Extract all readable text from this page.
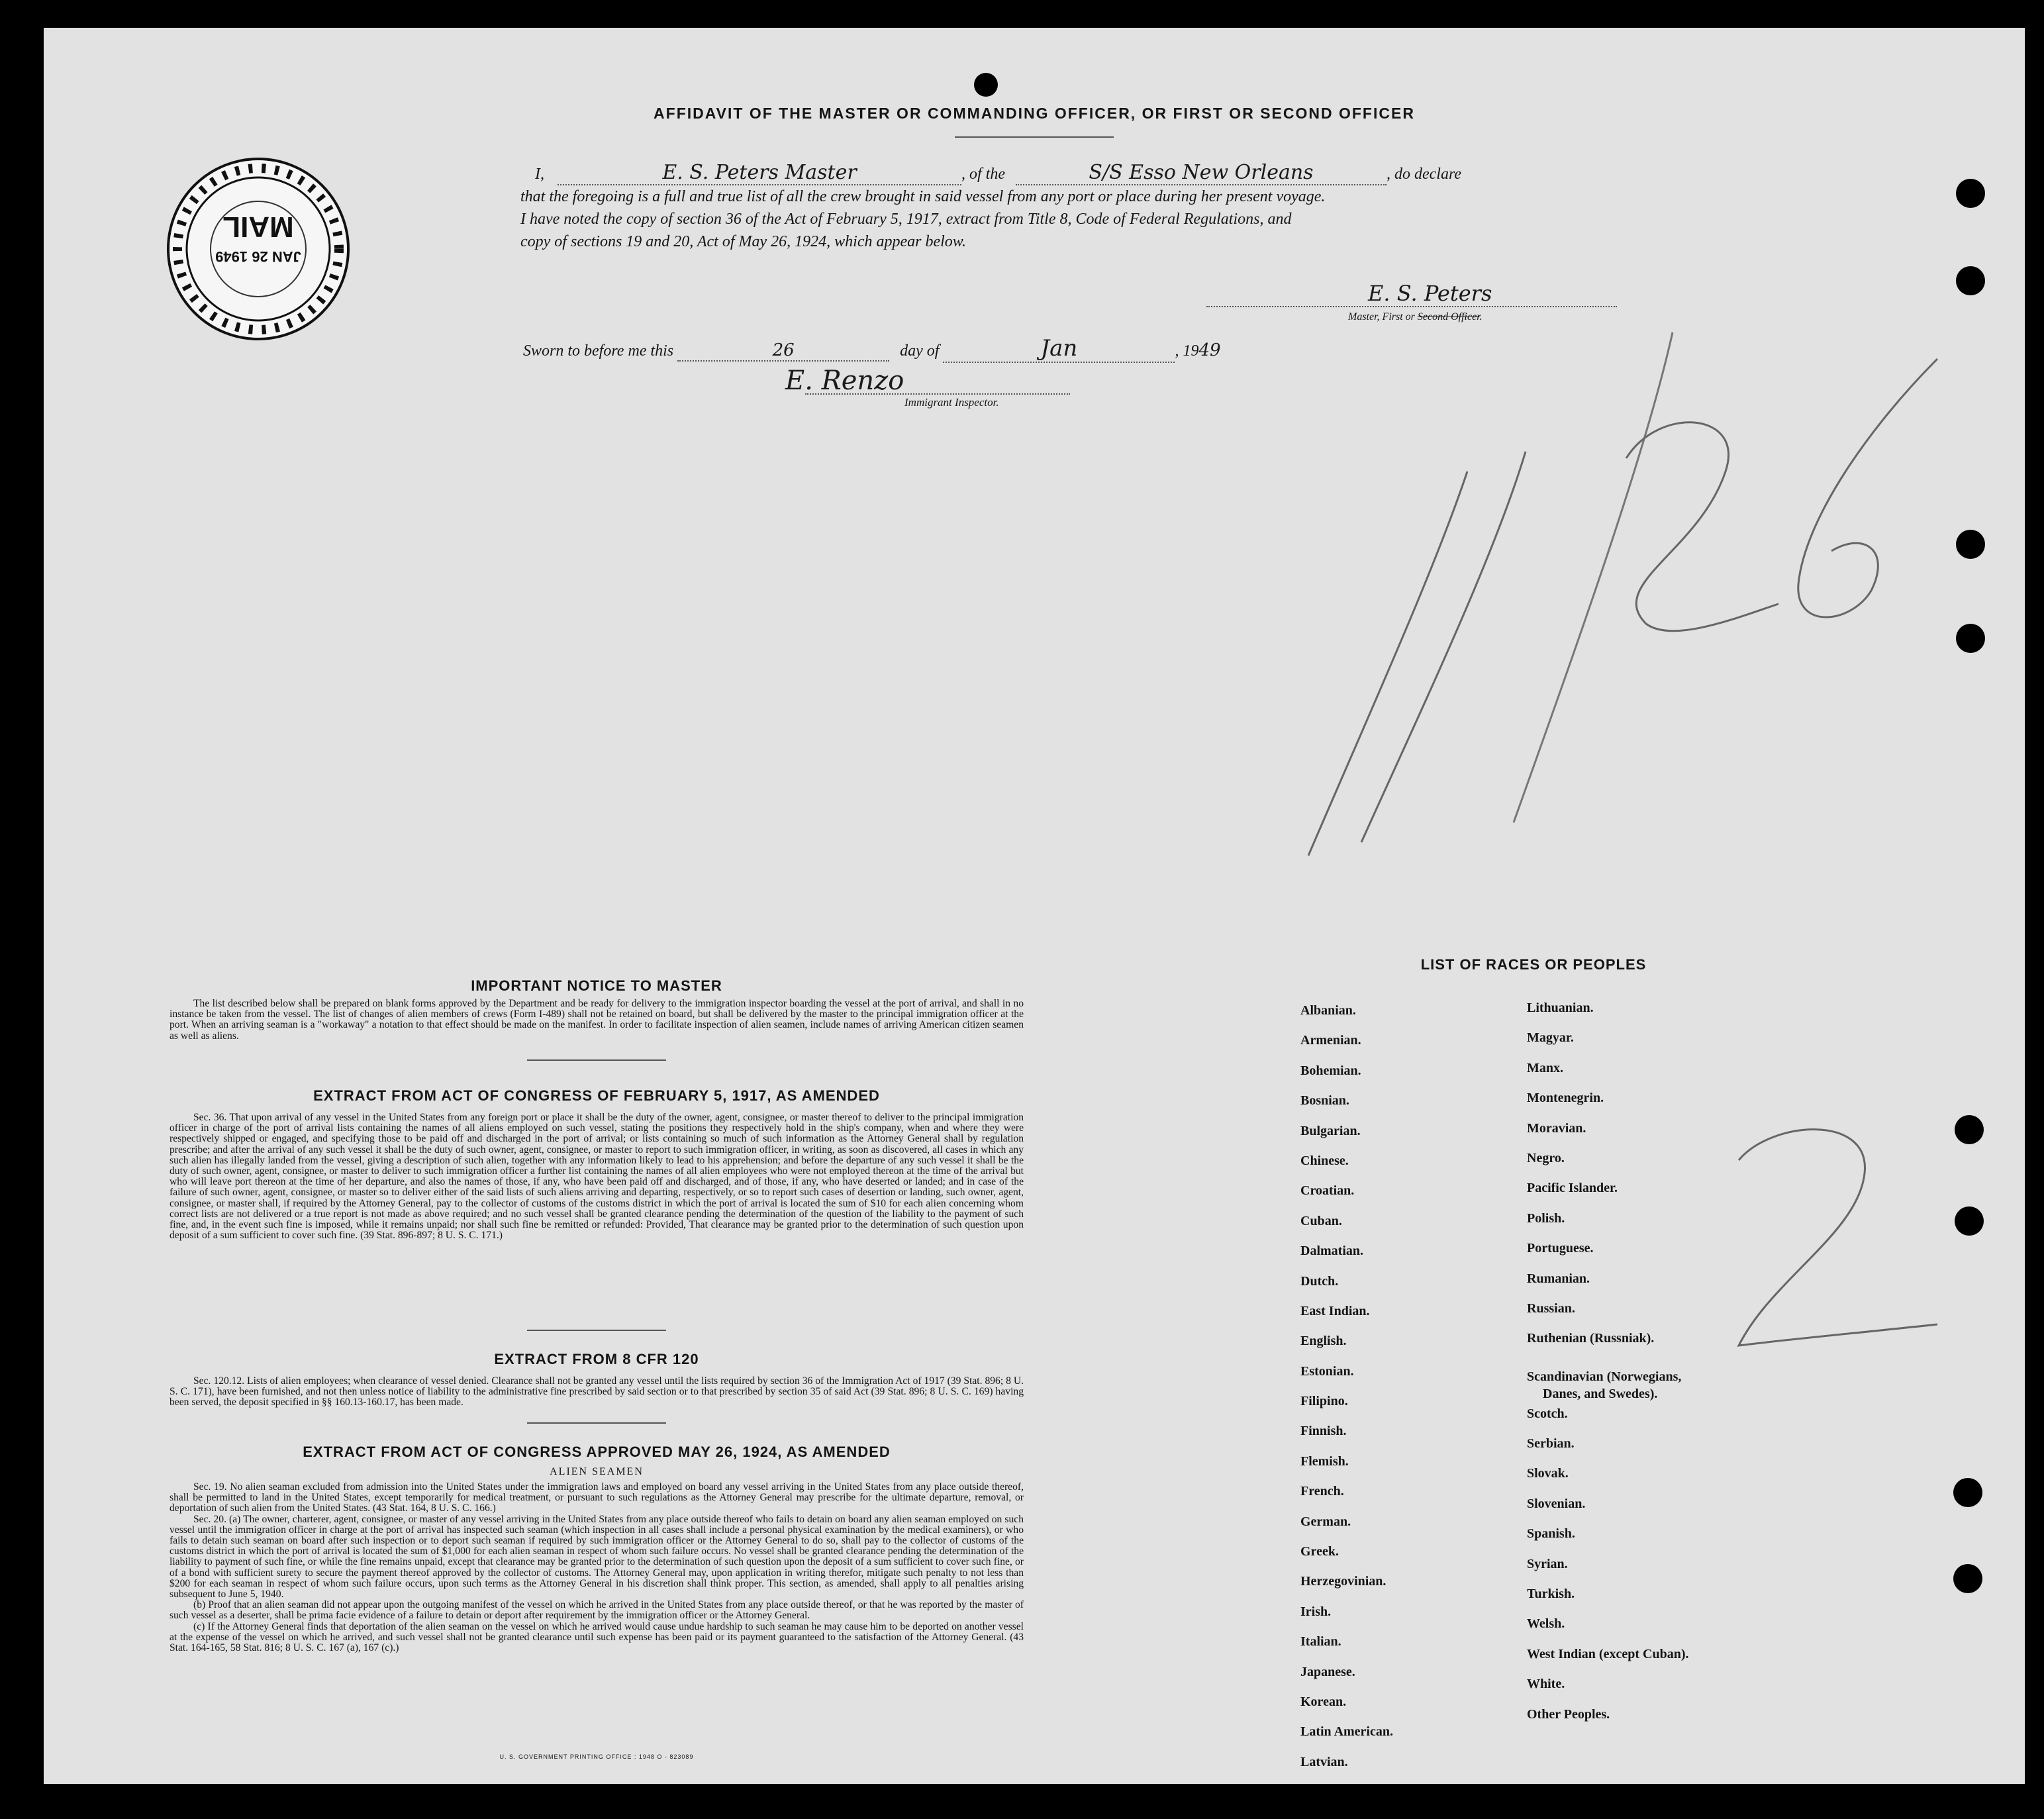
AFFIDAVIT OF THE MASTER OR COMMANDING OFFICER, OR FIRST OR SECOND OFFICER
MAIL
JAN 26 1949
I,	E. S. Peters Master	, of the	S/S Esso New Orleans	, do declare
that the foregoing is a full and true list of all the crew brought in said vessel from any port or place during her present voyage.
I have noted the copy of section 36 of the Act of February 5, 1917, extract from Title 8, Code of Federal Regulations, and
copy of sections 19 and 20, Act of May 26, 1924, which appear below.
E. S. Peters
Master, First or Second Officer.
Sworn to before me this	26	day of	Jan	, 1949
E. Renzo
Immigrant Inspector.
IMPORTANT NOTICE TO MASTER

The list described below shall be prepared on blank forms approved by the Department and be ready for delivery to the immigration inspector boarding the vessel at the port of arrival, and shall in no instance be taken from the vessel. The list of changes of alien members of crews (Form I-489) shall not be retained on board, but shall be delivered by the master to the principal immigration officer at the port. When an arriving seaman is a "workaway" a notation to that effect should be made on the manifest. In order to facilitate inspection of alien seamen, include names of arriving American citizen seamen as well as aliens.

EXTRACT FROM ACT OF CONGRESS OF FEBRUARY 5, 1917, AS AMENDED

Sec. 36. That upon arrival of any vessel in the United States from any foreign port or place it shall be the duty of the owner, agent, consignee, or master thereof to deliver to the principal immigration officer in charge of the port of arrival lists containing the names of all aliens employed on such vessel, stating the positions they respectively hold in the ship's company, when and where they were respectively shipped or engaged, and specifying those to be paid off and discharged in the port of arrival; or lists containing so much of such information as the Attorney General shall by regulation prescribe; and after the arrival of any such vessel it shall be the duty of such owner, agent, consignee, or master to report to such immigration officer, in writing, as soon as discovered, all cases in which any such alien has illegally landed from the vessel, giving a description of such alien, together with any information likely to lead to his apprehension; and before the departure of any such vessel it shall be the duty of such owner, agent, consignee, or master to deliver to such immigration officer a further list containing the names of all alien employees who were not employed thereon at the time of the arrival but who will leave port thereon at the time of her departure, and also the names of those, if any, who have been paid off and discharged, and of those, if any, who have deserted or landed; and in case of the failure of such owner, agent, consignee, or master so to deliver either of the said lists of such aliens arriving and departing, respectively, or so to report such cases of desertion or landing, such owner, agent, consignee, or master shall, if required by the Attorney General, pay to the collector of customs of the customs district in which the port of arrival is located the sum of $10 for each alien concerning whom correct lists are not delivered or a true report is not made as above required; and no such vessel shall be granted clearance pending the determination of the question of the liability to the payment of such fine, and, in the event such fine is imposed, while it remains unpaid; nor shall such fine be remitted or refunded: Provided, That clearance may be granted prior to the determination of such question upon deposit of a sum sufficient to cover such fine. (39 Stat. 896-897; 8 U. S. C. 171.)

EXTRACT FROM 8 CFR 120

Sec. 120.12. Lists of alien employees; when clearance of vessel denied. Clearance shall not be granted any vessel until the lists required by section 36 of the Immigration Act of 1917 (39 Stat. 896; 8 U. S. C. 171), have been furnished, and not then unless notice of liability to the administrative fine prescribed by said section or to that prescribed by section 35 of said Act (39 Stat. 896; 8 U. S. C. 169) having been served, the deposit specified in §§ 160.13-160.17, has been made.

EXTRACT FROM ACT OF CONGRESS APPROVED MAY 26, 1924, AS AMENDED
ALIEN SEAMEN

Sec. 19. No alien seaman excluded from admission into the United States under the immigration laws and employed on board any vessel arriving in the United States from any place outside thereof, shall be permitted to land in the United States, except temporarily for medical treatment, or pursuant to such regulations as the Attorney General may prescribe for the ultimate departure, removal, or deportation of such alien from the United States. (43 Stat. 164, 8 U. S. C. 166.)

Sec. 20. (a) The owner, charterer, agent, consignee, or master of any vessel arriving in the United States from any place outside thereof who fails to detain on board any alien seaman employed on such vessel until the immigration officer in charge at the port of arrival has inspected such seaman (which inspection in all cases shall include a personal physical examination by the medical examiners), or who fails to detain such seaman on board after such inspection or to deport such seaman if required by such immigration officer or the Attorney General to do so, shall pay to the collector of customs of the customs district in which the port of arrival is located the sum of $1,000 for each alien seaman in respect of whom such failure occurs. No vessel shall be granted clearance pending the determination of the liability to payment of such fine, or while the fine remains unpaid, except that clearance may be granted prior to the determination of such question upon the deposit of a sum sufficient to cover such fine, or of a bond with sufficient surety to secure the payment thereof approved by the collector of customs. The Attorney General may, upon application in writing therefor, mitigate such penalty to not less than $200 for each seaman in respect of whom such failure occurs, upon such terms as the Attorney General in his discretion shall think proper. This section, as amended, shall apply to all penalties arising subsequent to June 5, 1940.

(b) Proof that an alien seaman did not appear upon the outgoing manifest of the vessel on which he arrived in the United States from any place outside thereof, or that he was reported by the master of such vessel as a deserter, shall be prima facie evidence of a failure to detain or deport after requirement by the immigration officer or the Attorney General.

(c) If the Attorney General finds that deportation of the alien seaman on the vessel on which he arrived would cause undue hardship to such seaman he may cause him to be deported on another vessel at the expense of the vessel on which he arrived, and such vessel shall not be granted clearance until such expense has been paid or its payment guaranteed to the satisfaction of the Attorney General. (43 Stat. 164-165, 58 Stat. 816; 8 U. S. C. 167 (a), 167 (c).)

U. S. GOVERNMENT PRINTING OFFICE : 1948 O - 823089
LIST OF RACES OR PEOPLES
Albanian.
Armenian.
Bohemian.
Bosnian.
Bulgarian.
Chinese.
Croatian.
Cuban.
Dalmatian.
Dutch.
East Indian.
English.
Estonian.
Filipino.
Finnish.
Flemish.
French.
German.
Greek.
Herzegovinian.
Irish.
Italian.
Japanese.
Korean.
Latin American.
Latvian.
Lithuanian.
Magyar.
Manx.
Montenegrin.
Moravian.
Negro.
Pacific Islander.
Polish.
Portuguese.
Rumanian.
Russian.
Ruthenian (Russniak).
Scandinavian (Norwegians,
Danes, and Swedes).
Scotch.
Serbian.
Slovak.
Slovenian.
Spanish.
Syrian.
Turkish.
Welsh.
West Indian (except Cuban).
White.
Other Peoples.
